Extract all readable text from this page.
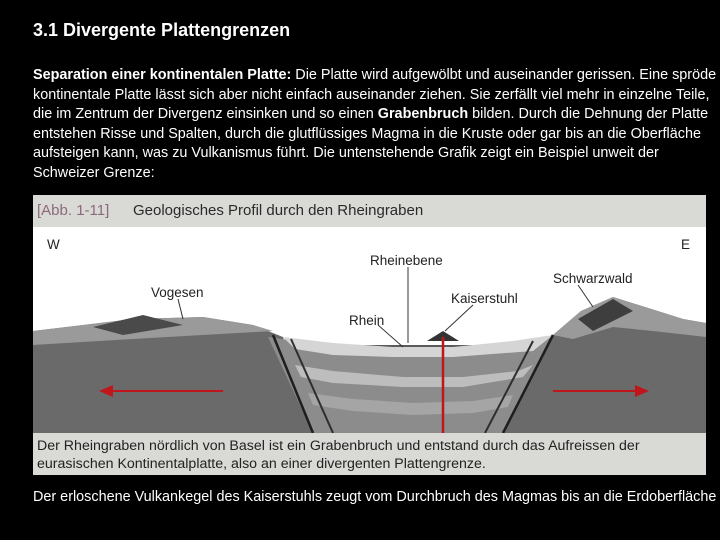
3.1 Divergente Plattengrenzen
Separation einer kontinentalen Platte: Die Platte wird aufgewölbt und auseinander gerissen. Eine spröde kontinentale Platte lässt sich aber nicht einfach auseinander ziehen. Sie zerfällt viel mehr in einzelne Teile, die im Zentrum der Divergenz einsinken und so einen Grabenbruch bilden. Durch die Dehnung der Platte entstehen Risse und Spalten, durch die glutflüssiges Magma in die Kruste oder gar bis an die Oberfläche aufsteigen kann, was zu Vulkanismus führt. Die untenstehende Grafik zeigt ein Beispiel unweit der Schweizer Grenze:
[Abb. 1-11] Geologisches Profil durch den Rheingraben
W	E
Rheinebene
Schwarzwald
Vogesen	Kaiserstuhl
Rhein
Der Rheingraben nördlich von Basel ist ein Grabenbruch und entstand durch das Aufreissen der eurasischen Kontinentalplatte, also an einer divergenten Plattengrenze.
Der erloschene Vulkankegel des Kaiserstuhls zeugt vom Durchbruch des Magmas bis an die Erdoberfläche
